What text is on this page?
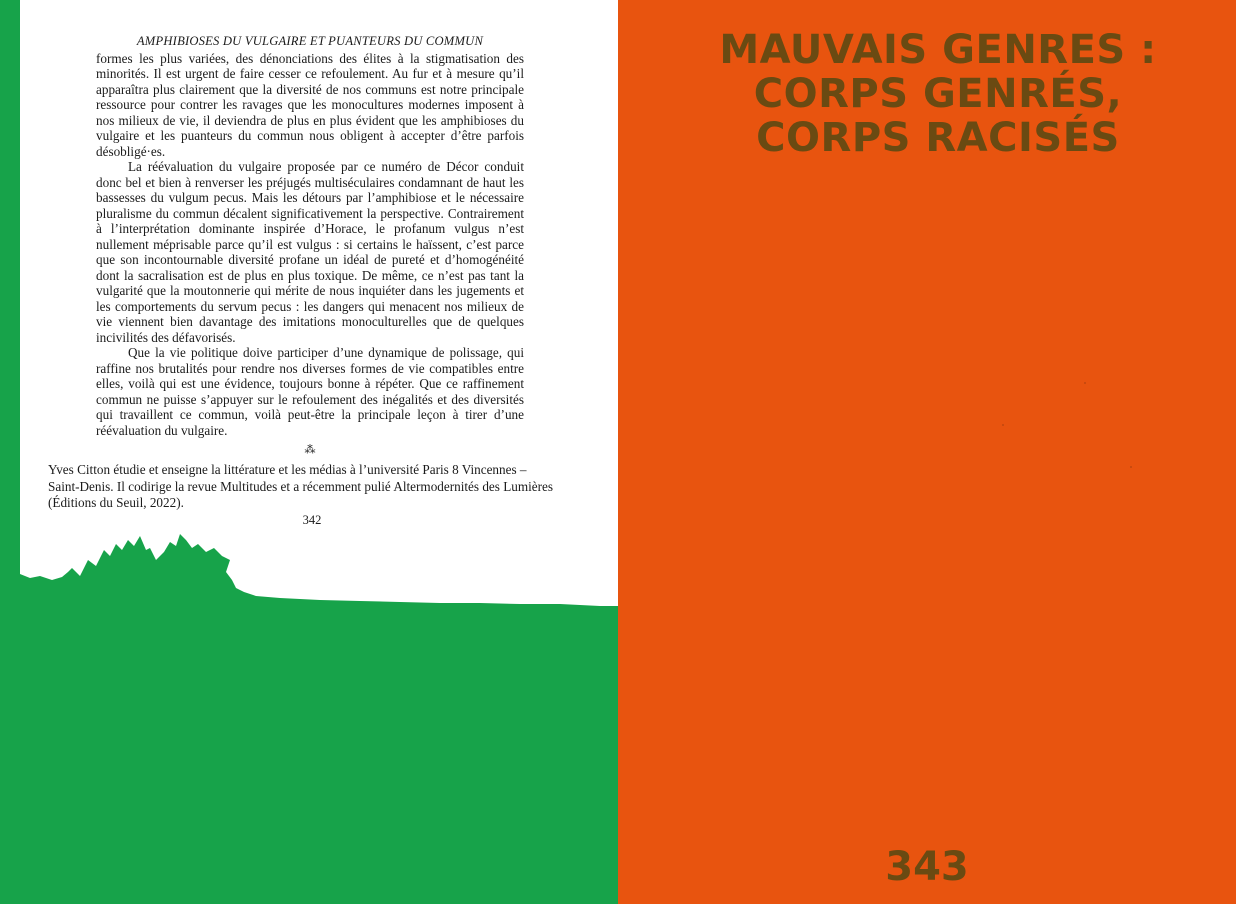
AMPHIBIOSES DU VULGAIRE ET PUANTEURS DU COMMUN

formes les plus variées, des dénonciations des élites à la stigmatisation des minorités. Il est urgent de faire cesser ce refoulement. Au fur et à mesure qu’il apparaîtra plus clairement que la diversité de nos communs est notre principale ressource pour contrer les ravages que les monocultures modernes imposent à nos milieux de vie, il deviendra de plus en plus évident que les amphibioses du vulgaire et les puanteurs du commun nous obligent à accepter d’être parfois désobligé·es.

La réévaluation du vulgaire proposée par ce numéro de Décor conduit donc bel et bien à renverser les préjugés multiséculaires condamnant de haut les bassesses du vulgum pecus. Mais les détours par l’amphibiose et le nécessaire pluralisme du commun décalent significativement la perspective. Contrairement à l’interprétation dominante inspirée d’Horace, le profanum vulgus n’est nullement méprisable parce qu’il est vulgus : si certains le haïssent, c’est parce que son incontournable diversité profane un idéal de pureté et d’homogénéité dont la sacralisation est de plus en plus toxique. De même, ce n’est pas tant la vulgarité que la moutonnerie qui mérite de nous inquiéter dans les jugements et les comportements du servum pecus : les dangers qui menacent nos milieux de vie viennent bien davantage des imitations monoculturelles que de quelques incivilités des défavorisés.

Que la vie politique doive participer d’une dynamique de polissage, qui raffine nos brutalités pour rendre nos diverses formes de vie compatibles entre elles, voilà qui est une évidence, toujours bonne à répéter. Que ce raffinement commun ne puisse s’appuyer sur le refoulement des inégalités et des diversités qui travaillent ce commun, voilà peut-être la principale leçon à tirer d’une réévaluation du vulgaire.

⁂
Yves Citton étudie et enseigne la littérature et les médias à l’université Paris 8 Vincennes – Saint-Denis. Il codirige la revue Multitudes et a récemment pulié Altermodernités des Lumières (Éditions du Seuil, 2022).
342
MAUVAIS GENRES :
CORPS GENRÉS,
CORPS RACISÉS
343
